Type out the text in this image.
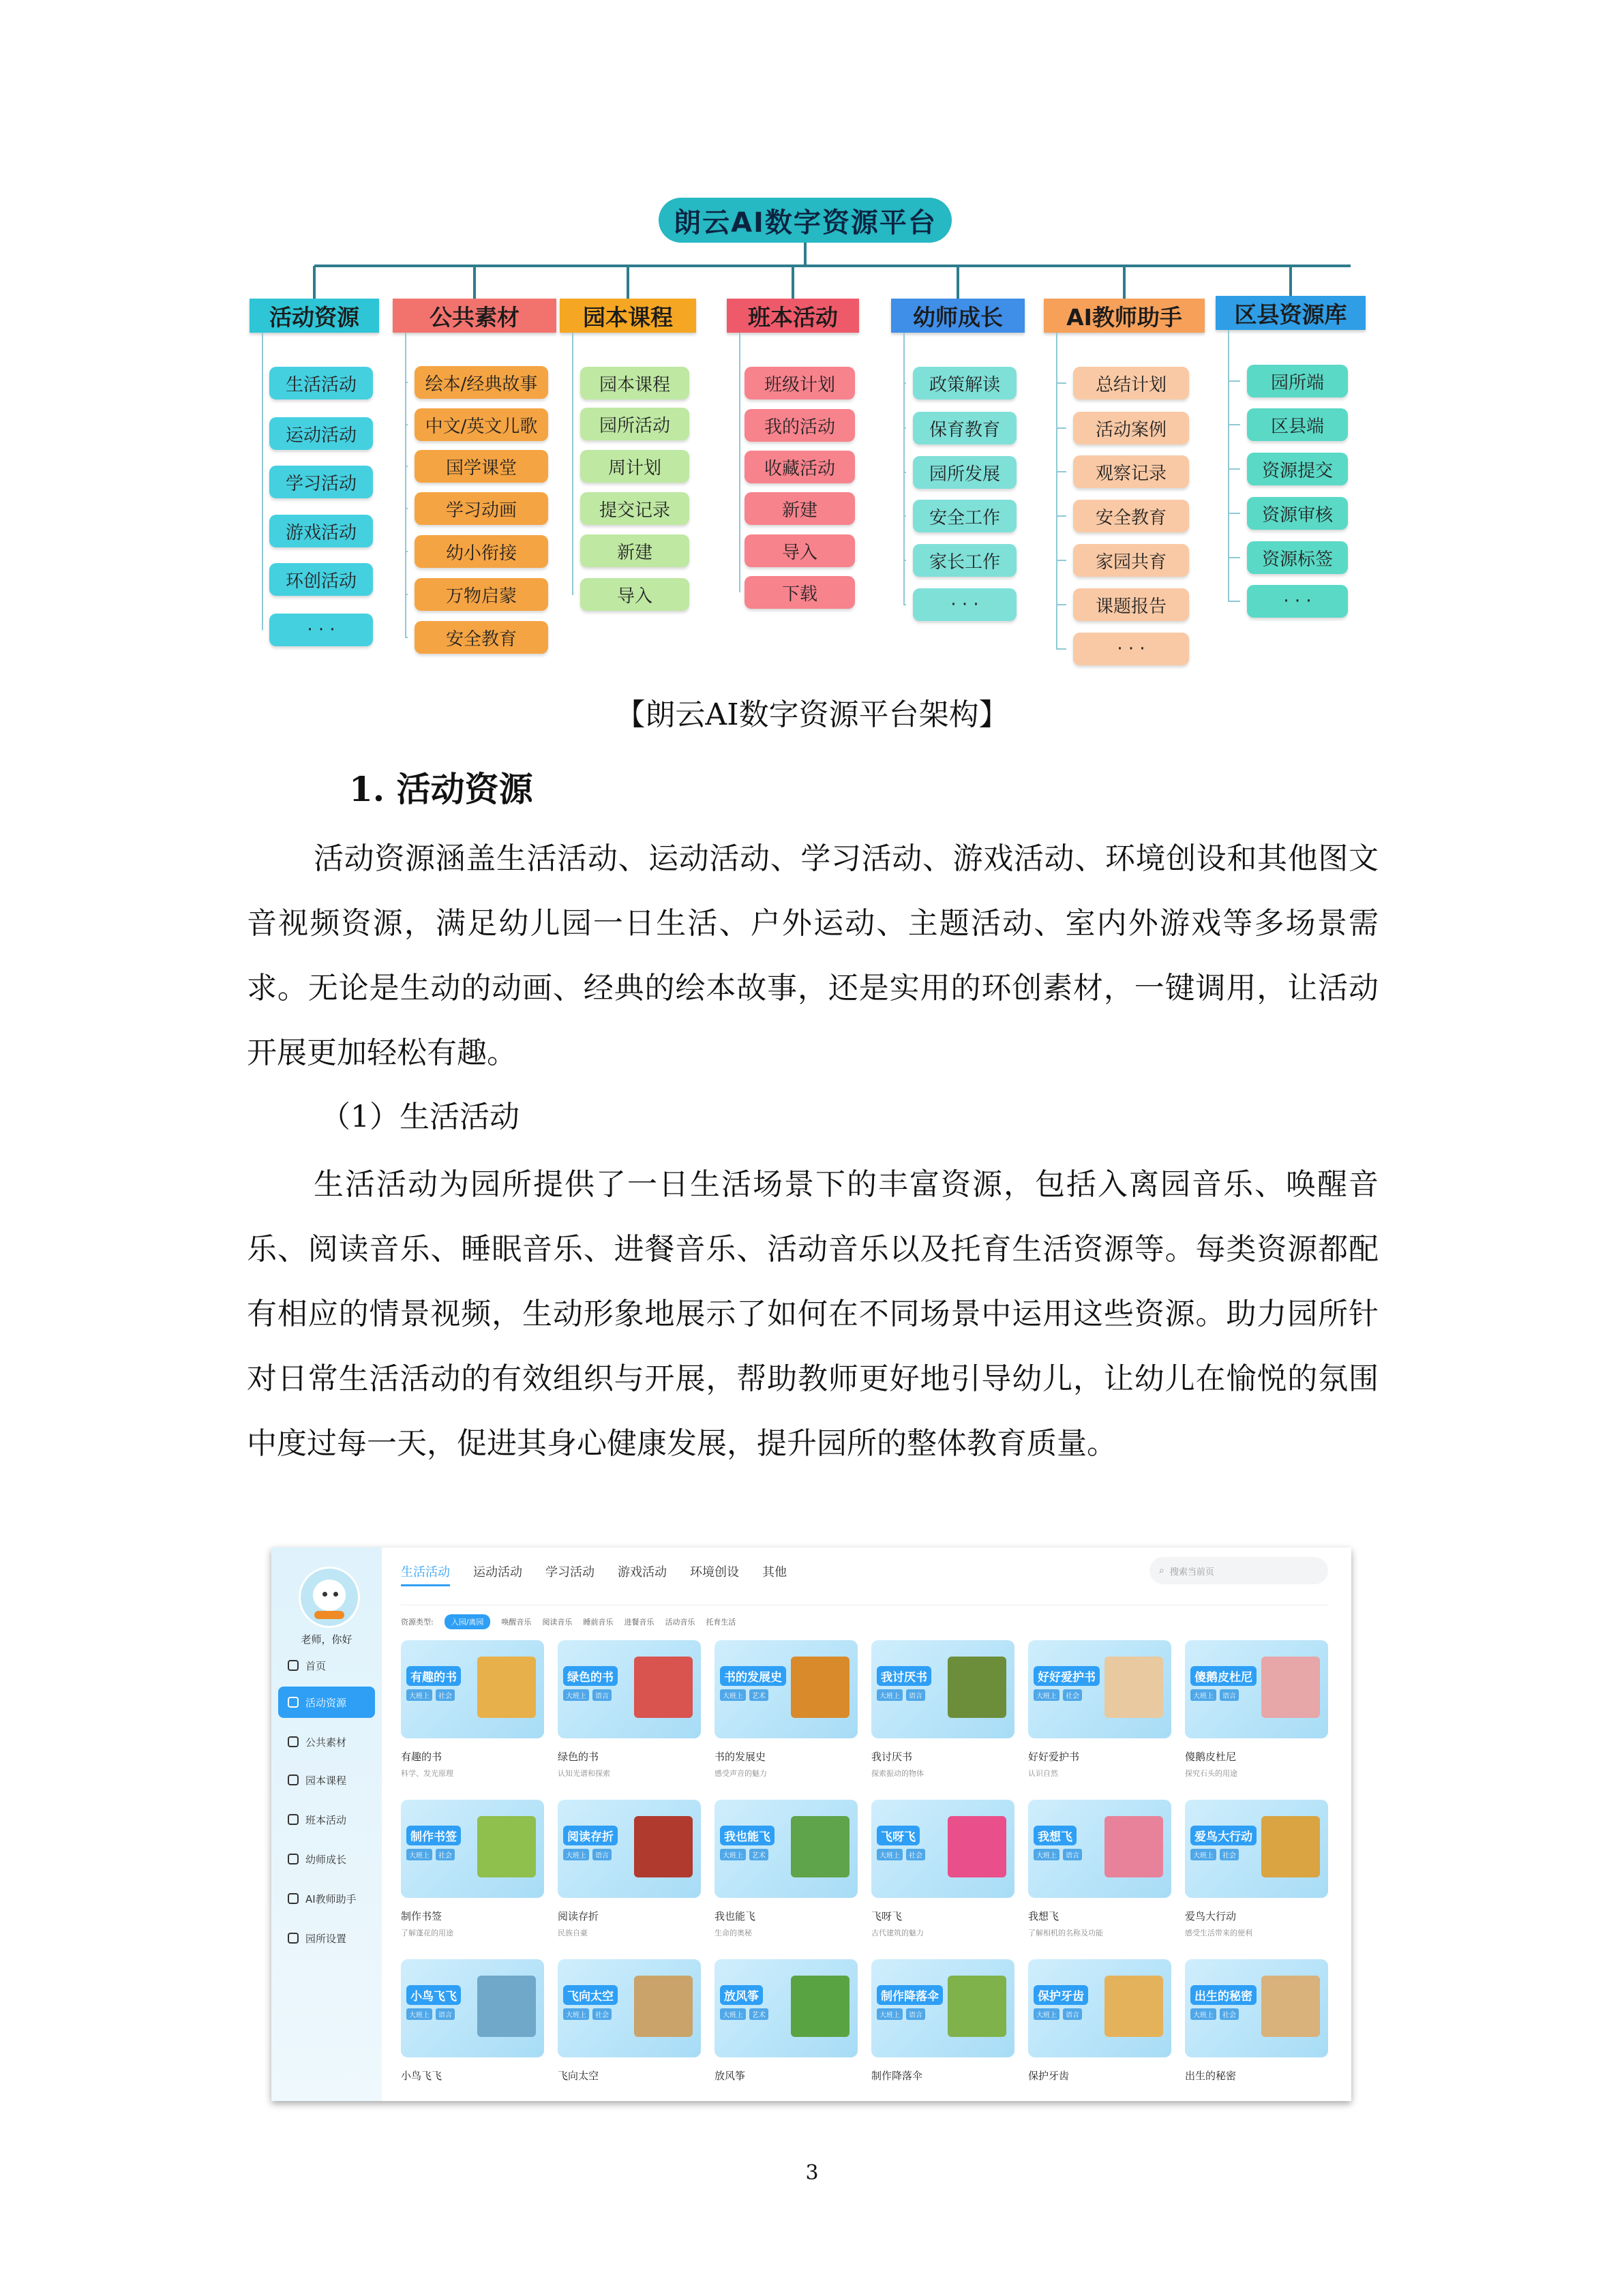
朗云AI数字资源平台
活动资源
生活活动
运动活动
学习活动
游戏活动
环创活动
· · ·
公共素材
绘本/经典故事
中文/英文儿歌
国学课堂
学习动画
幼小衔接
万物启蒙
安全教育
园本课程
园本课程
园所活动
周计划
提交记录
新建
导入
班本活动
班级计划
我的活动
收藏活动
新建
导入
下载
幼师成长
政策解读
保育教育
园所发展
安全工作
家长工作
· · ·
AI教师助手
总结计划
活动案例
观察记录
安全教育
家园共育
课题报告
· · ·
区县资源库
园所端
区县端
资源提交
资源审核
资源标签
· · ·
【朗云AI数字资源平台架构】
1. 活动资源
活动资源涵盖生活活动、运动活动、学习活动、游戏活动、环境创设和其他图文音视频资源，满足幼儿园一日生活、户外运动、主题活动、室内外游戏等多场景需求。无论是生动的动画、经典的绘本故事，还是实用的环创素材，一键调用，让活动开展更加轻松有趣。
（1）生活活动
生活活动为园所提供了一日生活场景下的丰富资源，包括入离园音乐、唤醒音乐、阅读音乐、睡眠音乐、进餐音乐、活动音乐以及托育生活资源等。每类资源都配有相应的情景视频，生动形象地展示了如何在不同场景中运用这些资源。助力园所针对日常生活活动的有效组织与开展，帮助教师更好地引导幼儿，让幼儿在愉悦的氛围中度过每一天，促进其身心健康发展，提升园所的整体教育质量。
老师，你好
首页
活动资源
公共素材
园本课程
班本活动
幼师成长
AI教师助手
园所设置
生活活动 运动活动 学习活动 游戏活动 环境创设 其他	⌕ 搜索当前页
资源类型:	入园/离园	唤醒音乐 阅读音乐 睡前音乐 进餐音乐 活动音乐 托育生活
有趣的书
大班上	社会
有趣的书
科学、发光原理
绿色的书
大班上	语言
绿色的书
认知光谱和探索
书的发展史
大班上	艺术
书的发展史
感受声音的魅力
我讨厌书
大班上	语言
我讨厌书
探索振动的物体
好好爱护书
大班上	社会
好好爱护书
认识自然
傻鹅皮杜尼
大班上	语言
傻鹅皮杜尼
探究石头的用途
制作书签
大班上	社会
制作书签
了解蓬花的用途
阅读存折
大班上	语言
阅读存折
民族自豪
我也能飞
大班上	艺术
我也能飞
生命的奥秘
飞呀飞
大班上	社会
飞呀飞
古代建筑的魅力
我想飞
大班上	语言
我想飞
了解相机的名称及功能
爱鸟大行动
大班上	社会
爱鸟大行动
感受生活带来的便利
小鸟飞飞
大班上	语言
小鸟飞飞
飞向太空
大班上	社会
飞向太空
放风筝
大班上	艺术
放风筝
制作降落伞
大班上	语言
制作降落伞
保护牙齿
大班上	语言
保护牙齿
出生的秘密
大班上	社会
出生的秘密
3
